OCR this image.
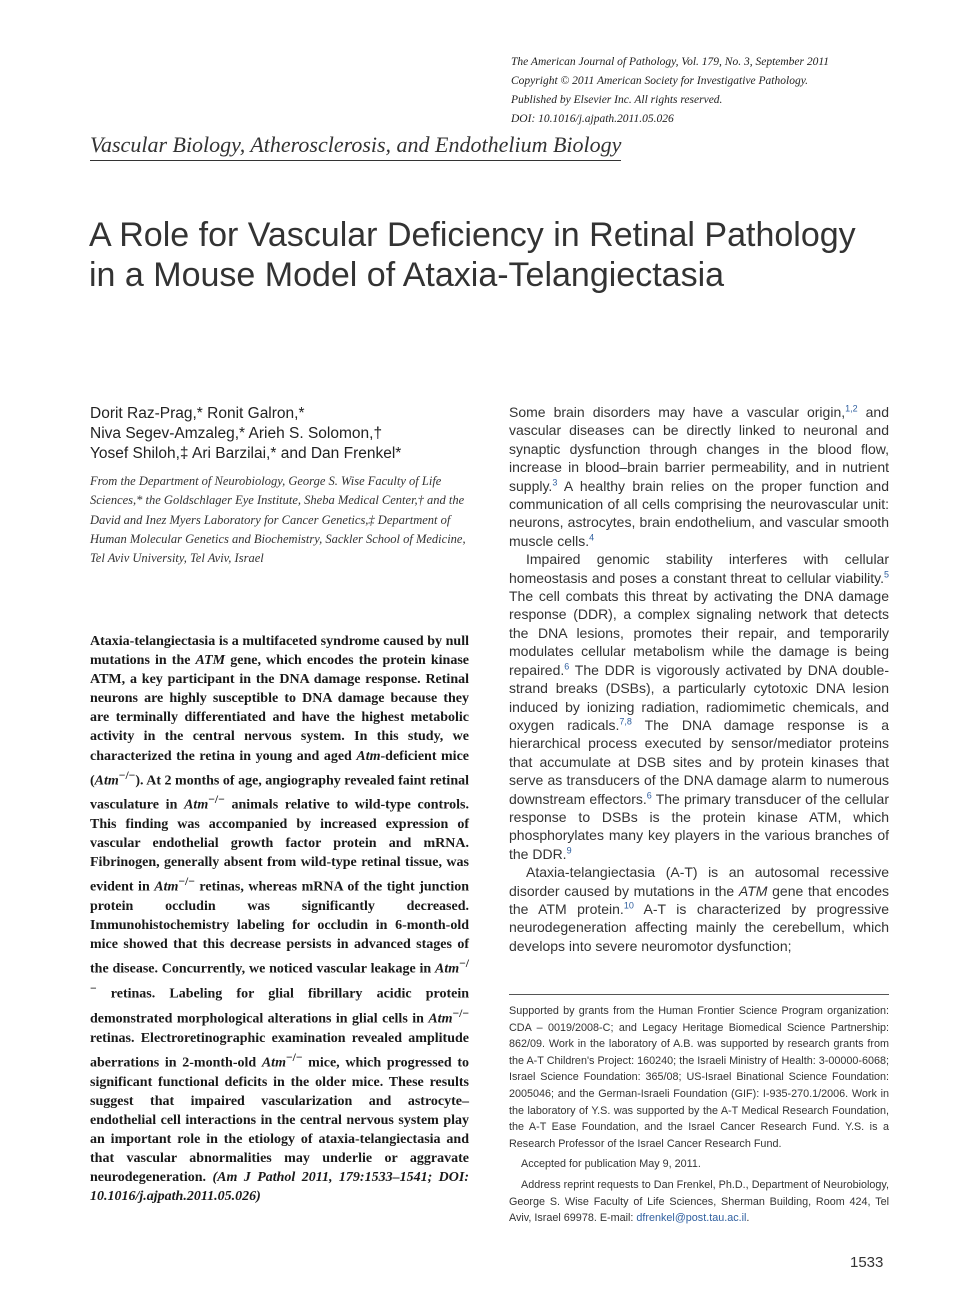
The American Journal of Pathology, Vol. 179, No. 3, September 2011
Copyright © 2011 American Society for Investigative Pathology.
Published by Elsevier Inc. All rights reserved.
DOI: 10.1016/j.ajpath.2011.05.026
Vascular Biology, Atherosclerosis, and Endothelium Biology
A Role for Vascular Deficiency in Retinal Pathology
in a Mouse Model of Ataxia-Telangiectasia
Dorit Raz-Prag,* Ronit Galron,*
Niva Segev-Amzaleg,* Arieh S. Solomon,†
Yosef Shiloh,‡ Ari Barzilai,* and Dan Frenkel*
From the Department of Neurobiology, George S. Wise Faculty of Life Sciences,* the Goldschlager Eye Institute, Sheba Medical Center,† and the David and Inez Myers Laboratory for Cancer Genetics,‡ Department of Human Molecular Genetics and Biochemistry, Sackler School of Medicine, Tel Aviv University, Tel Aviv, Israel

Ataxia-telangiectasia is a multifaceted syndrome caused by null mutations in the ATM gene, which encodes the protein kinase ATM, a key participant in the DNA damage response. Retinal neurons are highly susceptible to DNA damage because they are terminally differentiated and have the highest metabolic activity in the central nervous system. In this study, we characterized the retina in young and aged Atm-deficient mice (Atm−/−). At 2 months of age, angiography revealed faint retinal vasculature in Atm−/− animals relative to wild-type controls. This finding was accompanied by increased expression of vascular endothelial growth factor protein and mRNA. Fibrinogen, generally absent from wild-type retinal tissue, was evident in Atm−/− retinas, whereas mRNA of the tight junction protein occludin was significantly decreased. Immunohistochemistry labeling for occludin in 6-month-old mice showed that this decrease persists in advanced stages of the disease. Concurrently, we noticed vascular leakage in Atm−/− retinas. Labeling for glial fibrillary acidic protein demonstrated morphological alterations in glial cells in Atm−/− retinas. Electroretinographic examination revealed amplitude aberrations in 2-month-old Atm−/− mice, which progressed to significant functional deficits in the older mice. These results suggest that impaired vascularization and astrocyte–endothelial cell interactions in the central nervous system play an important role in the etiology of ataxia-telangiectasia and that vascular abnormalities may underlie or aggravate neurodegeneration. (Am J Pathol 2011, 179:1533–1541; DOI: 10.1016/j.ajpath.2011.05.026)

Some brain disorders may have a vascular origin,$^{1,2}$ and vascular diseases can be directly linked to neuronal and synaptic dysfunction through changes in the blood flow, increase in blood–brain barrier permeability, and in nutrient supply.$^3$ A healthy brain relies on the proper function and communication of all cells comprising the neurovascular unit: neurons, astrocytes, brain endothelium, and vascular smooth muscle cells.$^4$

Impaired genomic stability interferes with cellular homeostasis and poses a constant threat to cellular viability.$^5$ The cell combats this threat by activating the DNA damage response (DDR), a complex signaling network that detects the DNA lesions, promotes their repair, and temporarily modulates cellular metabolism while the damage is being repaired.$^6$ The DDR is vigorously activated by DNA double-strand breaks (DSBs), a particularly cytotoxic DNA lesion induced by ionizing radiation, radiomimetic chemicals, and oxygen radicals.$^{7,8}$ The DNA damage response is a hierarchical process executed by sensor/mediator proteins that accumulate at DSB sites and by protein kinases that serve as transducers of the DNA damage alarm to numerous downstream effectors.$^6$ The primary transducer of the cellular response to DSBs is the protein kinase ATM, which phosphorylates many key players in the various branches of the DDR.$^9$

Ataxia-telangiectasia (A-T) is an autosomal recessive disorder caused by mutations in the ATM gene that encodes the ATM protein.$^{10}$ A-T is characterized by progressive neurodegeneration affecting mainly the cerebellum, which develops into severe neuromotor dysfunction;

Supported by grants from the Human Frontier Science Program organization: CDA – 0019/2008-C; and Legacy Heritage Biomedical Science Partnership: 862/09. Work in the laboratory of A.B. was supported by research grants from the A-T Children's Project: 160240; the Israeli Ministry of Health: 3-00000-6068; Israel Science Foundation: 365/08; US-Israel Binational Science Foundation: 2005046; and the German-Israeli Foundation (GIF): I-935-270.1/2006. Work in the laboratory of Y.S. was supported by the A-T Medical Research Foundation, the A-T Ease Foundation, and the Israel Cancer Research Fund. Y.S. is a Research Professor of the Israel Cancer Research Fund.

Accepted for publication May 9, 2011.

Address reprint requests to Dan Frenkel, Ph.D., Department of Neurobiology, George S. Wise Faculty of Life Sciences, Sherman Building, Room 424, Tel Aviv, Israel 69978. E-mail: dfrenkel@post.tau.ac.il.

1533
